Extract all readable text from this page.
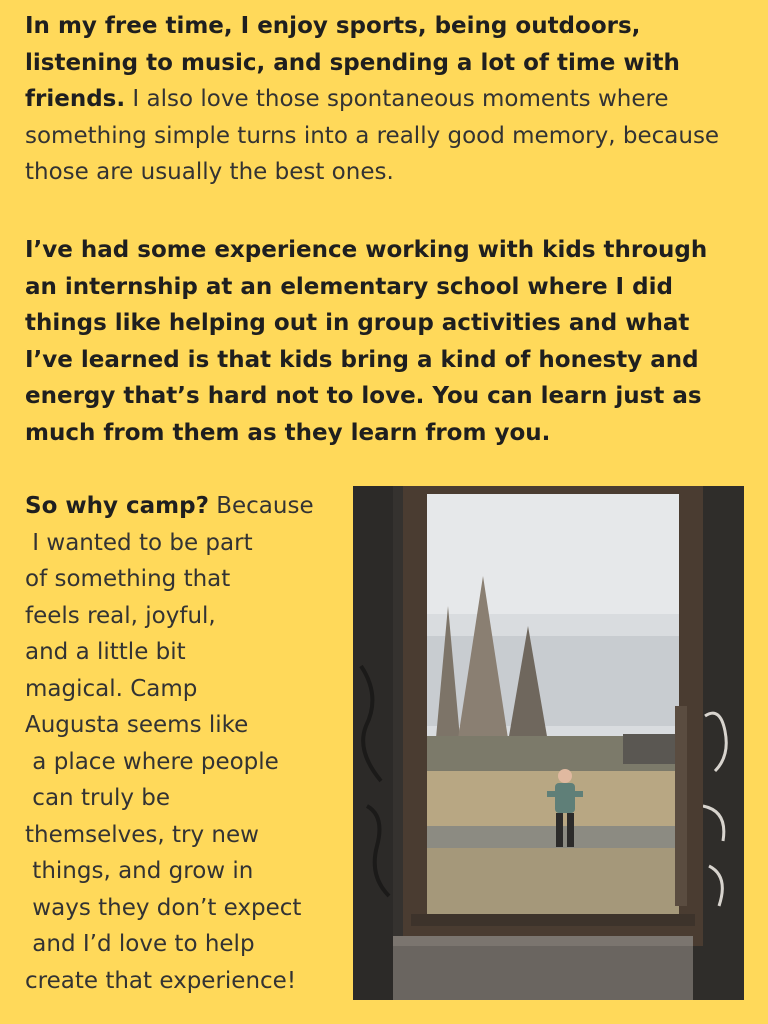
In my free time, I enjoy sports, being outdoors, listening to music, and spending a lot of time with friends. I also love those spontaneous moments where something simple turns into a really good memory, because those are usually the best ones.
I’ve had some experience working with kids through an internship at an elementary school where I did things like helping out in group activities and what I’ve learned is that kids bring a kind of honesty and energy that’s hard not to love. You can learn just as much from them as they learn from you.
So why camp? Because
I wanted to be part
of something that
feels real, joyful,
and a little bit
magical. Camp
Augusta seems like
a place where people
can truly be
themselves, try new
things, and grow in
ways they don’t expect
and I’d love to help
create that experience!
